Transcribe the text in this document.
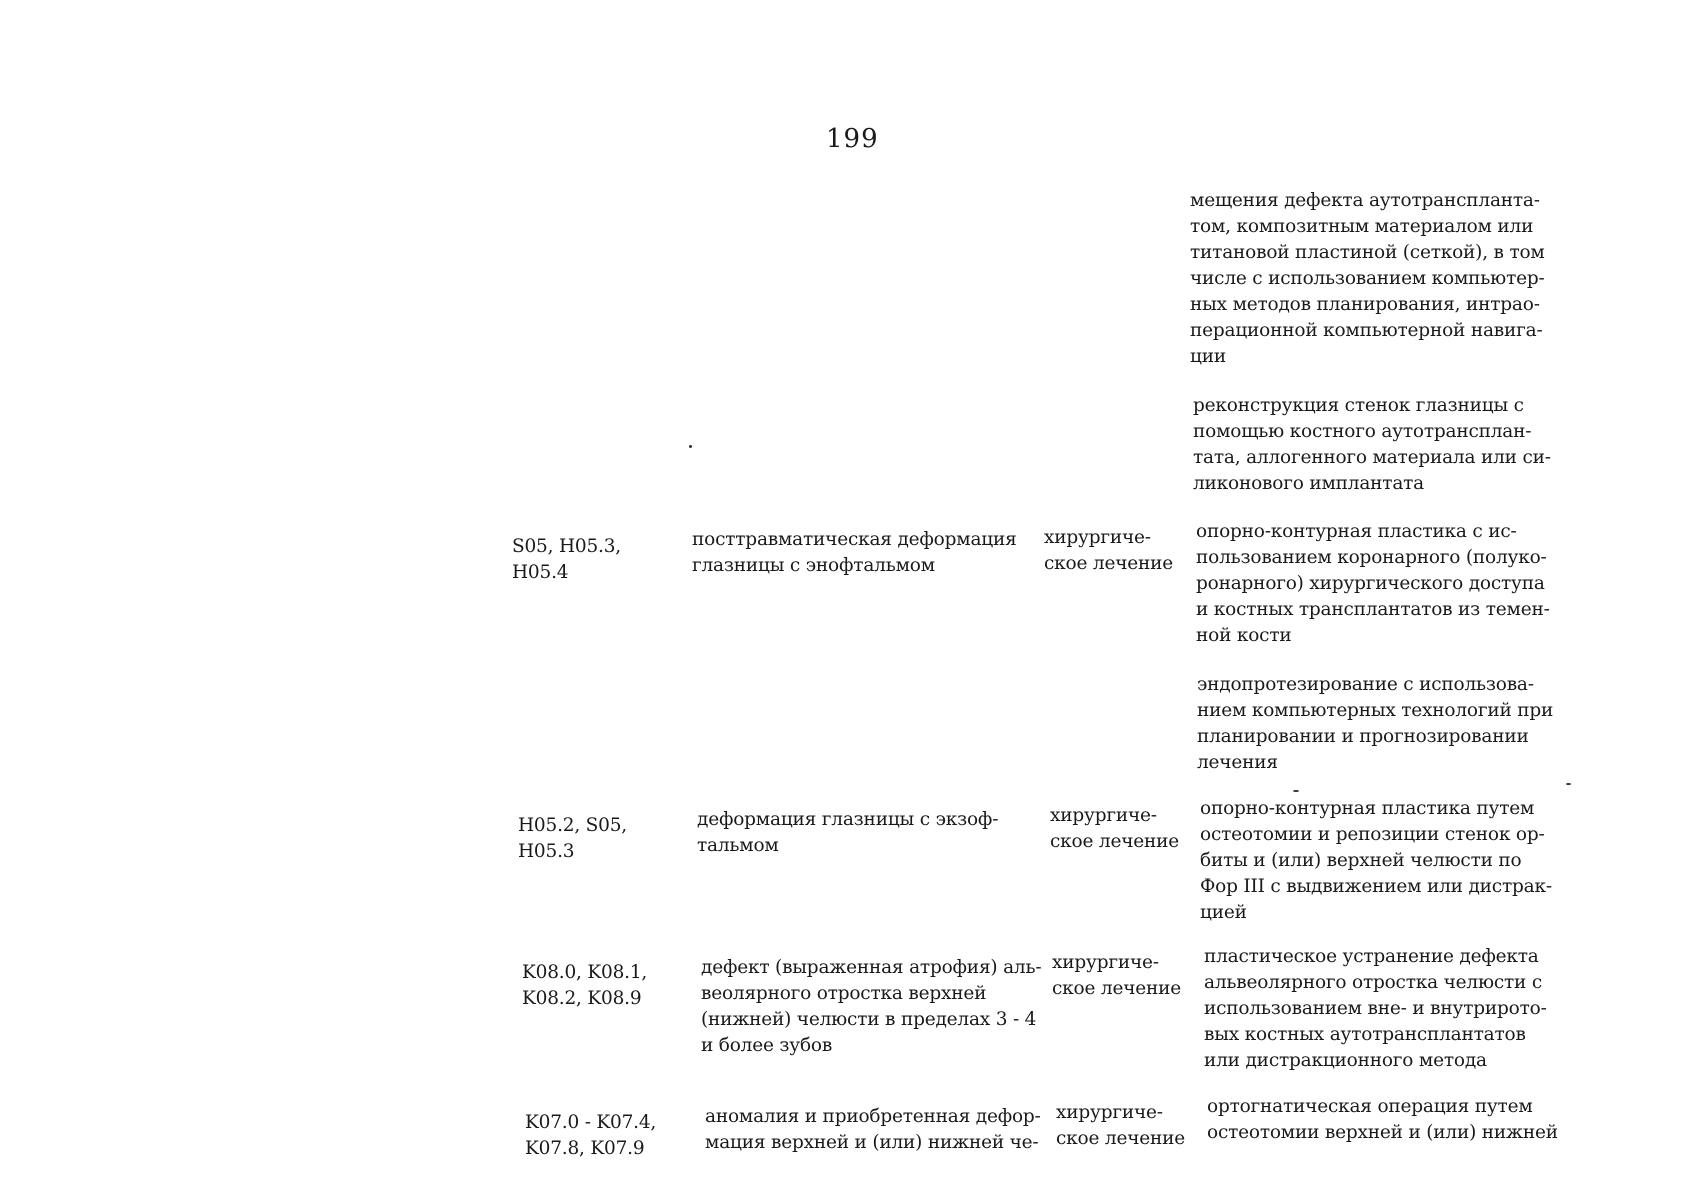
199
мещения дефекта аутотрансплантa-
том, композитным материалом или
титановой пластиной (сеткой), в том
числе с использованием компьютер-
ных методов планирования, интрао-
перационной компьютерной навига-
ции
реконструкция стенок глазницы с
помощью костного аутотрансплан-
тата, аллогенного материала или си-
ликонового имплантата
S05, H05.3,
H05.4
посттравматическая деформация
глазницы с энофтальмом
хирургиче-
ское лечение
опорно-контурная пластика с ис-
пользованием коронарного (полуко-
ронарного) хирургического доступа
и костных трансплантатов из темен-
ной кости
эндопротезирование с использова-
нием компьютерных технологий при
планировании и прогнозировании
лечения
H05.2, S05,
H05.3
деформация глазницы с экзоф-
тальмом
хирургиче-
ское лечение
опорно-контурная пластика путем
остеотомии и репозиции стенок ор-
биты и (или) верхней челюсти по
Фор III с выдвижением или дистрак-
цией
K08.0, K08.1,
K08.2, K08.9
дефект (выраженная атрофия) аль-
веолярного отростка верхней
(нижней) челюсти в пределах 3 - 4
и более зубов
хирургиче-
ское лечение
пластическое устранение дефекта
альвеолярного отростка челюсти с
использованием вне- и внутрирото-
вых костных аутотрансплантатов
или дистракционного метода
K07.0 - K07.4,
K07.8, K07.9
аномалия и приобретенная дефор-
мация верхней и (или) нижней че-
хирургиче-
ское лечение
ортогнатическая операция путем
остеотомии верхней и (или) нижней
